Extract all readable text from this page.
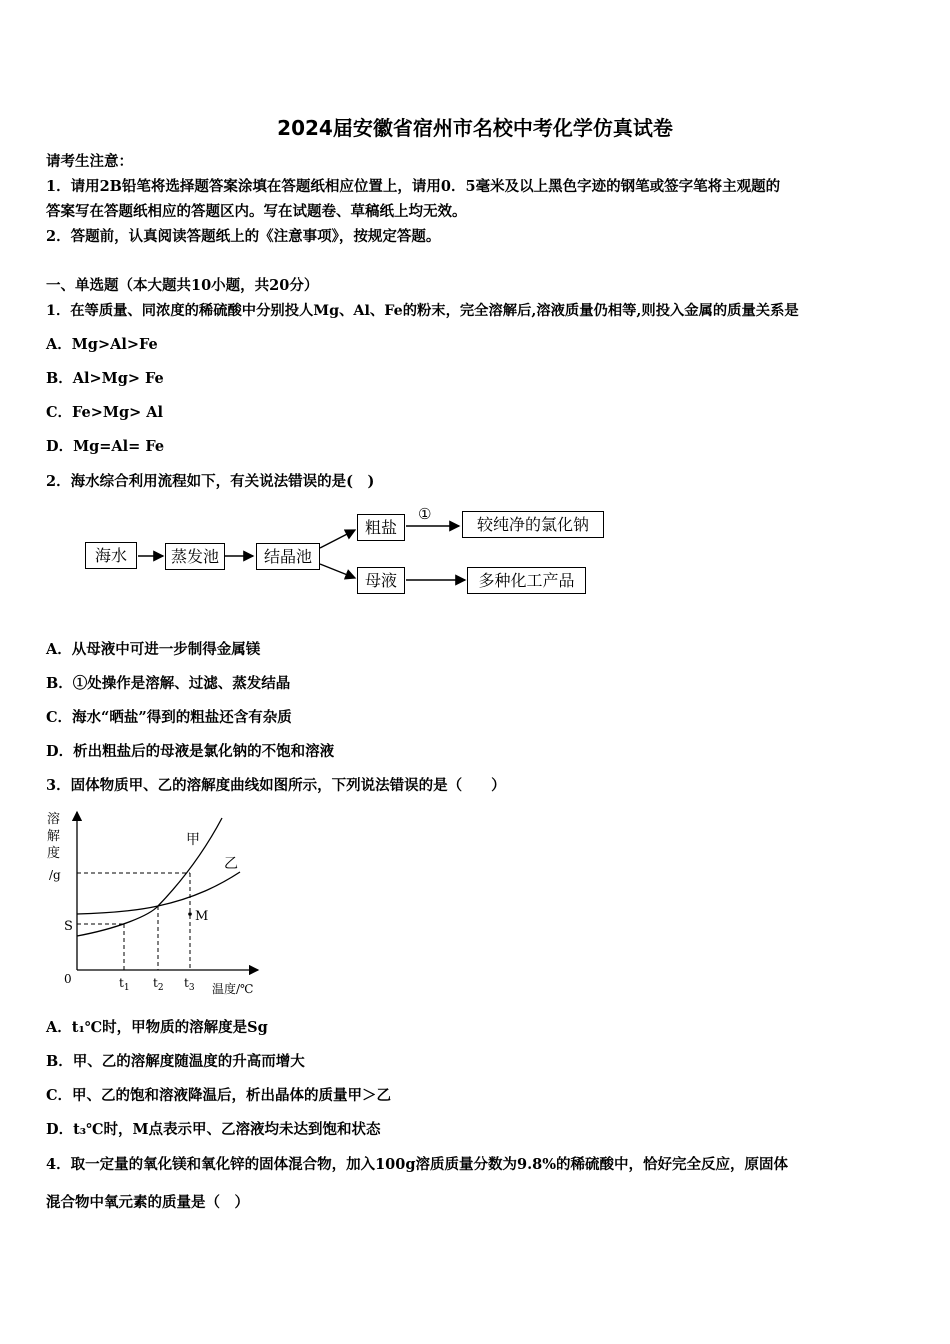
2024届安徽省宿州市名校中考化学仿真试卷
请考生注意：
1．请用2B铅笔将选择题答案涂填在答题纸相应位置上，请用0．5毫米及以上黑色字迹的钢笔或签字笔将主观题的
答案写在答题纸相应的答题区内。写在试题卷、草稿纸上均无效。
2．答题前，认真阅读答题纸上的《注意事项》，按规定答题。
一、单选题（本大题共10小题，共20分）
1．在等质量、同浓度的稀硫酸中分别投人Mg、Al、Fe的粉末，完全溶解后,溶液质量仍相等,则投入金属的质量关系是
A．Mg>Al>Fe
B．Al>Mg> Fe
C．Fe>Mg> Al
D．Mg=Al= Fe
2．海水综合利用流程如下，有关说法错误的是(　)
海水	蒸发池	结晶池
粗盐
母液
较纯净的氯化钠
多种化工产品
①
A．从母液中可进一步制得金属镁
B．①处操作是溶解、过滤、蒸发结晶
C．海水“晒盐”得到的粗盐还含有杂质
D．析出粗盐后的母液是氯化钠的不饱和溶液
3．固体物质甲、乙的溶解度曲线如图所示，下列说法错误的是（　　）
溶
解
度
/g
S
0	$t_1$ $t_2$ $t_3$ 温度/℃
甲
乙
M
A．t₁℃时，甲物质的溶解度是Sg
B．甲、乙的溶解度随温度的升高而增大
C．甲、乙的饱和溶液降温后，析出晶体的质量甲＞乙
D．t₃℃时，M点表示甲、乙溶液均未达到饱和状态
4．取一定量的氧化镁和氧化锌的固体混合物，加入100g溶质质量分数为9.8%的稀硫酸中，恰好完全反应，原固体
混合物中氧元素的质量是（　）
